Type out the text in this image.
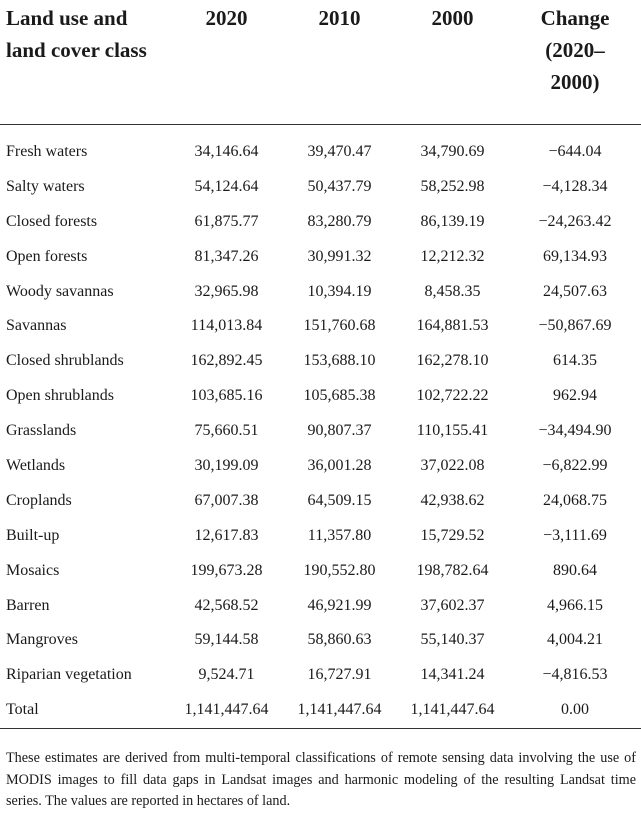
Land use and land cover class	2020	2010	2000	Change (2020–2000)

Fresh waters	34,146.64	39,470.47	34,790.69	−644.04
Salty waters	54,124.64	50,437.79	58,252.98	−4,128.34
Closed forests	61,875.77	83,280.79	86,139.19	−24,263.42
Open forests	81,347.26	30,991.32	12,212.32	69,134.93
Woody savannas	32,965.98	10,394.19	8,458.35	24,507.63
Savannas	114,013.84	151,760.68	164,881.53	−50,867.69
Closed shrublands	162,892.45	153,688.10	162,278.10	614.35
Open shrublands	103,685.16	105,685.38	102,722.22	962.94
Grasslands	75,660.51	90,807.37	110,155.41	−34,494.90
Wetlands	30,199.09	36,001.28	37,022.08	−6,822.99
Croplands	67,007.38	64,509.15	42,938.62	24,068.75
Built-up	12,617.83	11,357.80	15,729.52	−3,111.69
Mosaics	199,673.28	190,552.80	198,782.64	890.64
Barren	42,568.52	46,921.99	37,602.37	4,966.15
Mangroves	59,144.58	58,860.63	55,140.37	4,004.21
Riparian vegetation	9,524.71	16,727.91	14,341.24	−4,816.53
Total	1,141,447.64	1,141,447.64	1,141,447.64	0.00

These estimates are derived from multi-temporal classifications of remote sensing data involving the use of MODIS images to fill data gaps in Landsat images and harmonic modeling of the resulting Landsat time series. The values are reported in hectares of land.
